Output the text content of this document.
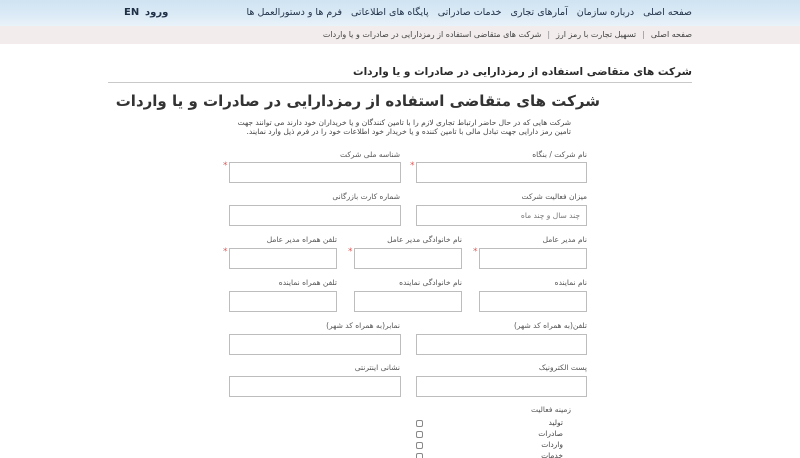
صفحه اصلی
درباره سازمان
آمارهای تجاری
خدمات صادراتی
پایگاه های اطلاعاتی
فرم ها و دستورالعمل ها
ورود
EN
صفحه اصلی
|
تسهیل تجارت با رمز ارز
|
شرکت های متقاضی استفاده از رمزدارایی در صادرات و یا واردات
شرکت های متقاضی استفاده از رمزدارایی در صادرات و یا واردات
شرکت های متقاضی استفاده از رمزدارایی در صادرات و یا واردات
شرکت هایی که در حال حاضر ارتباط تجاری لازم را با تامین کنندگان و یا خریداران خود دارند می توانند جهت تامین رمز دارایی جهت تبادل مالی با تامین کننده و یا خریدار خود اطلاعات خود را در فرم ذیل وارد نمایند.
نام شرکت / بنگاه
*
شناسه ملی شرکت
*
میزان فعالیت شرکت
چند سال و چند ماه
شماره کارت بازرگانی
نام مدیر عامل
*
نام خانوادگی مدیر عامل
*
تلفن همراه مدیر عامل
*
نام نماینده
نام خانوادگی نماینده
تلفن همراه نماینده
تلفن(به همراه کد شهر)
نمابر(به همراه کد شهر)
پست الکترونیک
نشانی اینترنتی
زمینه فعالیت
تولید
صادرات
واردات
خدمات
